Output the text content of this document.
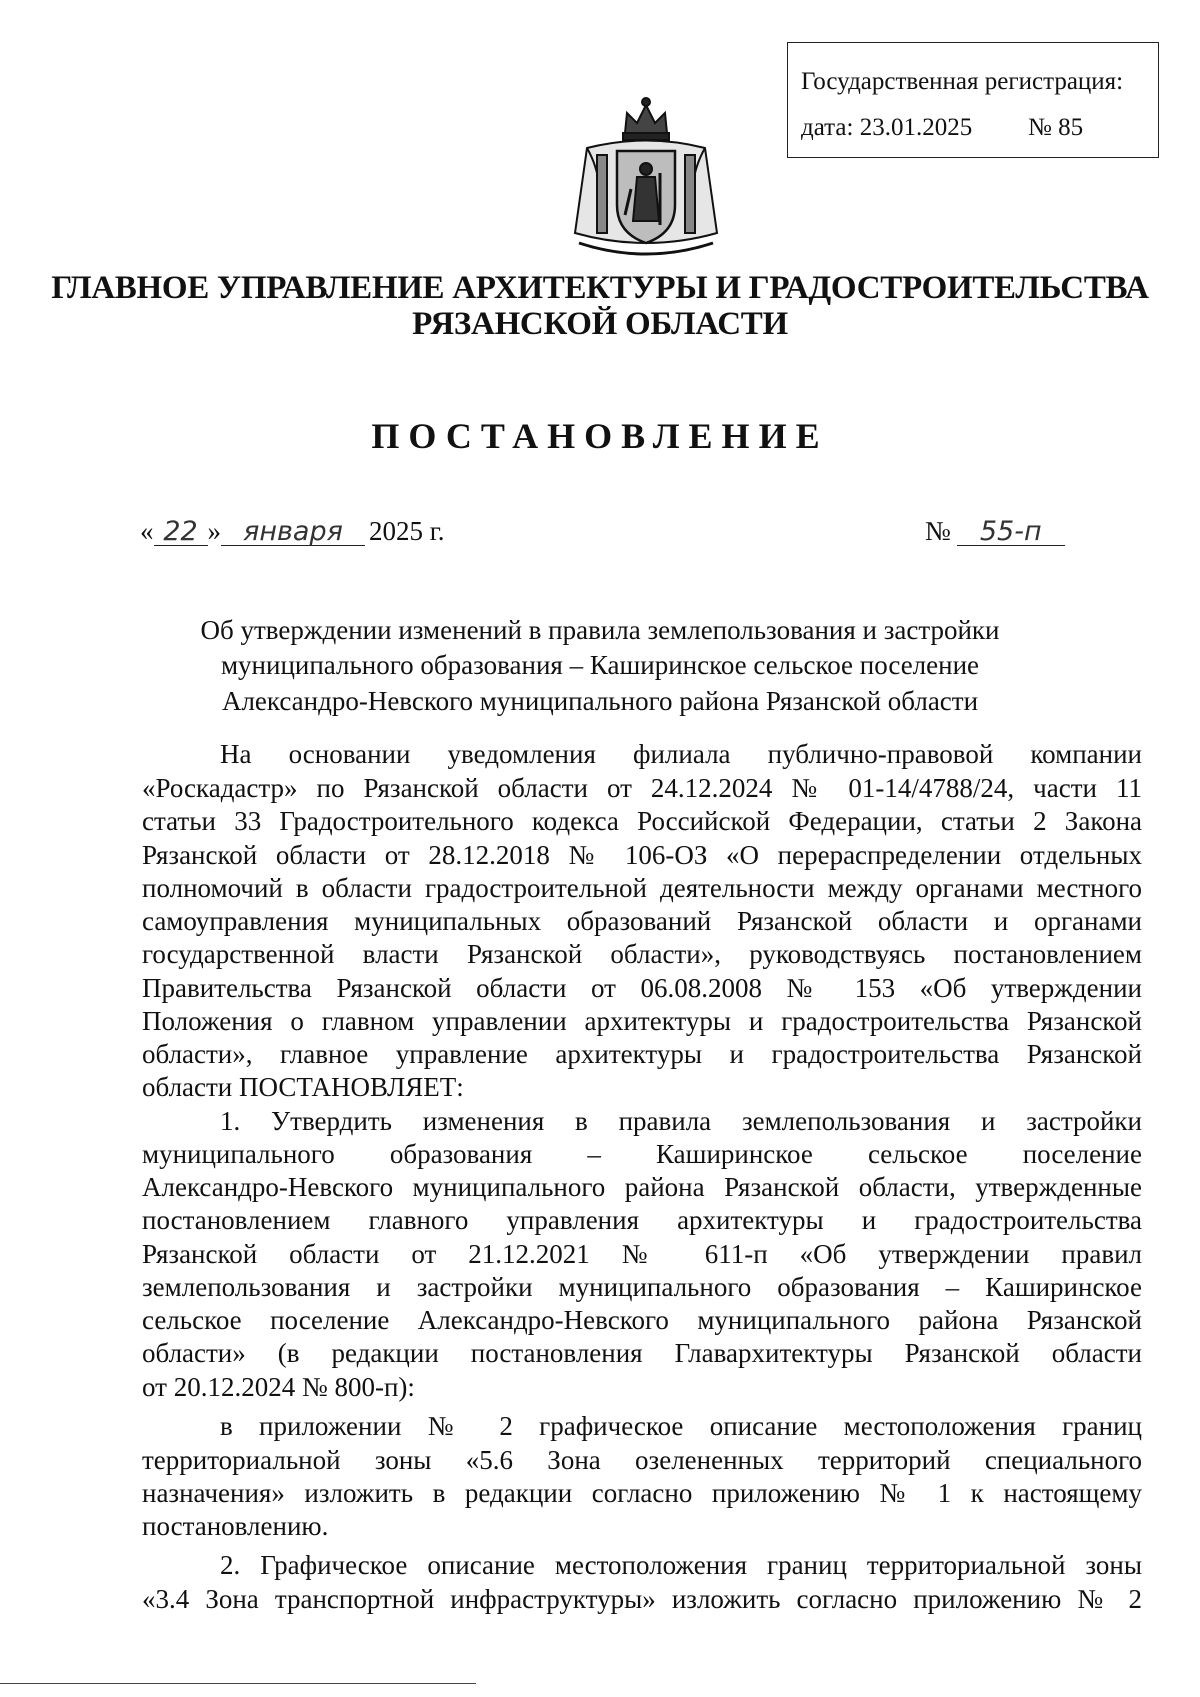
Государственная регистрация:
дата: 23.01.2025 № 85
ГЛАВНОЕ УПРАВЛЕНИЕ АРХИТЕКТУРЫ И ГРАДОСТРОИТЕЛЬСТВА
РЯЗАНСКОЙ ОБЛАСТИ
ПОСТАНОВЛЕНИЕ
« 22 » января 2025 г.	№ 55-п
Об утверждении изменений в правила землепользования и застройки
муниципального образования – Каширинское сельское поселение
Александро-Невского муниципального района Рязанской области
На основании уведомления филиала публично-правовой компании
«Роскадастр» по Рязанской области от 24.12.2024 № 01-14/4788/24, части 11
статьи 33 Градостроительного кодекса Российской Федерации, статьи 2 Закона
Рязанской области от 28.12.2018 № 106-ОЗ «О перераспределении отдельных
полномочий в области градостроительной деятельности между органами местного
самоуправления муниципальных образований Рязанской области и органами
государственной власти Рязанской области», руководствуясь постановлением
Правительства Рязанской области от 06.08.2008 № 153 «Об утверждении
Положения о главном управлении архитектуры и градостроительства Рязанской
области», главное управление архитектуры и градостроительства Рязанской
области ПОСТАНОВЛЯЕТ:
1. Утвердить изменения в правила землепользования и застройки
муниципального образования – Каширинское сельское поселение
Александро-Невского муниципального района Рязанской области, утвержденные
постановлением главного управления архитектуры и градостроительства
Рязанской области от 21.12.2021 № 611-п «Об утверждении правил
землепользования и застройки муниципального образования – Каширинское
сельское поселение Александро-Невского муниципального района Рязанской
области» (в редакции постановления Главархитектуры Рязанской области
от 20.12.2024 № 800-п):
в приложении № 2 графическое описание местоположения границ
территориальной зоны «5.6 Зона озелененных территорий специального
назначения» изложить в редакции согласно приложению № 1 к настоящему
постановлению.
2. Графическое описание местоположения границ территориальной зоны
«3.4 Зона транспортной инфраструктуры» изложить согласно приложению № 2
